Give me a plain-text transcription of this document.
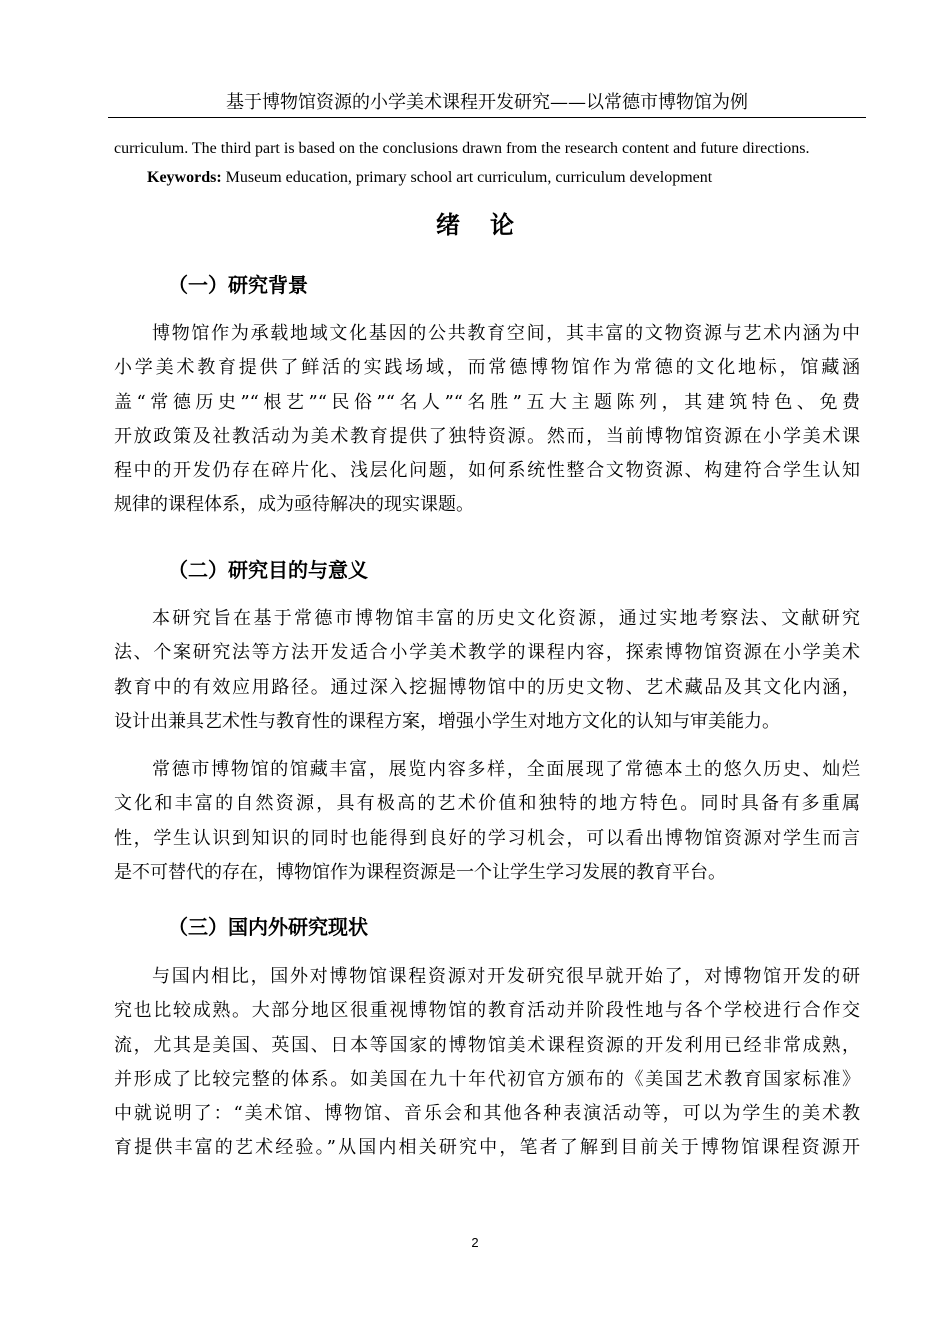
基于博物馆资源的小学美术课程开发研究——以常德市博物馆为例
curriculum. The third part is based on the conclusions drawn from the research content and future directions.
Keywords: Museum education, primary school art curriculum, curriculum development
绪论
（一）研究背景
博物馆作为承载地域文化基因的公共教育空间，其丰富的文物资源与艺术内涵为中
小学美术教育提供了鲜活的实践场域，而常德博物馆作为常德的文化地标，馆藏涵
盖“常德历史”“根艺”“民俗”“名人”“名胜”五大主题陈列，其建筑特色、免费
开放政策及社教活动为美术教育提供了独特资源。然而，当前博物馆资源在小学美术课
程中的开发仍存在碎片化、浅层化问题，如何系统性整合文物资源、构建符合学生认知
规律的课程体系，成为亟待解决的现实课题。
（二）研究目的与意义
本研究旨在基于常德市博物馆丰富的历史文化资源，通过实地考察法、文献研究
法、个案研究法等方法开发适合小学美术教学的课程内容，探索博物馆资源在小学美术
教育中的有效应用路径。通过深入挖掘博物馆中的历史文物、艺术藏品及其文化内涵，
设计出兼具艺术性与教育性的课程方案，增强小学生对地方文化的认知与审美能力。
常德市博物馆的馆藏丰富，展览内容多样，全面展现了常德本土的悠久历史、灿烂
文化和丰富的自然资源，具有极高的艺术价值和独特的地方特色。同时具备有多重属
性，学生认识到知识的同时也能得到良好的学习机会，可以看出博物馆资源对学生而言
是不可替代的存在，博物馆作为课程资源是一个让学生学习发展的教育平台。
（三）国内外研究现状
与国内相比，国外对博物馆课程资源对开发研究很早就开始了，对博物馆开发的研
究也比较成熟。大部分地区很重视博物馆的教育活动并阶段性地与各个学校进行合作交
流，尤其是美国、英国、日本等国家的博物馆美术课程资源的开发利用已经非常成熟，
并形成了比较完整的体系。如美国在九十年代初官方颁布的《美国艺术教育国家标准》
中就说明了：“美术馆、博物馆、音乐会和其他各种表演活动等，可以为学生的美术教
育提供丰富的艺术经验。”从国内相关研究中，笔者了解到目前关于博物馆课程资源开
2
